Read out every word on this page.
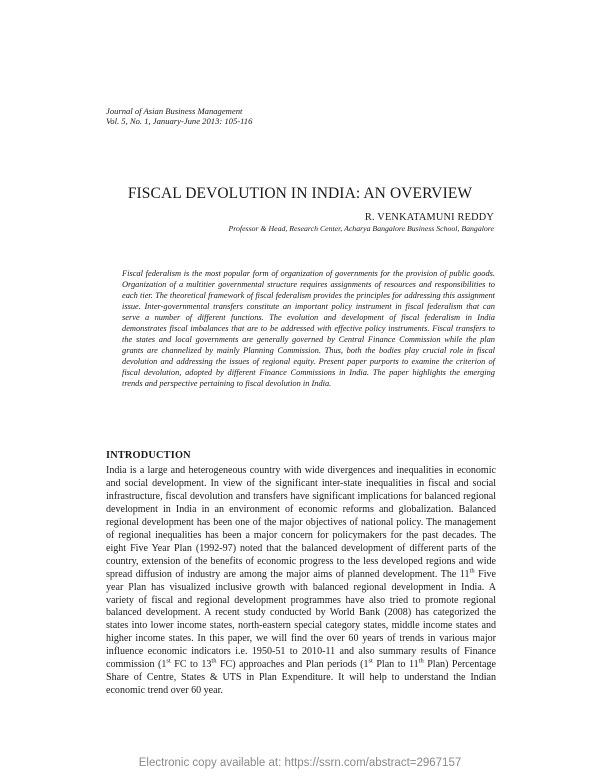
Journal of Asian Business Management
Vol. 5, No. 1, January-June 2013: 105-116
FISCAL DEVOLUTION IN INDIA: AN OVERVIEW
R. VENKATAMUNI REDDY
Professor & Head, Research Center, Acharya Bangalore Business School, Bangalore

Fiscal federalism is the most popular form of organization of governments for the provision of public goods. Organization of a multitier governmental structure requires assignments of resources and responsibilities to each tier. The theoretical framework of fiscal federalism provides the principles for addressing this assignment issue. Inter-governmental transfers constitute an important policy instrument in fiscal federalism that can serve a number of different functions. The evolution and development of fiscal federalism in India demonstrates fiscal imbalances that are to be addressed with effective policy instruments. Fiscal transfers to the states and local governments are generally governed by Central Finance Commission while the plan grants are channelized by mainly Planning Commission. Thus, both the bodies play crucial role in fiscal devolution and addressing the issues of regional equity. Present paper purports to examine the criterion of fiscal devolution, adopted by different Finance Commissions in India. The paper highlights the emerging trends and perspective pertaining to fiscal devolution in India.

INTRODUCTION

India is a large and heterogeneous country with wide divergences and inequalities in economic and social development. In view of the significant inter-state inequalities in fiscal and social infrastructure, fiscal devolution and transfers have significant implications for balanced regional development in India in an environment of economic reforms and globalization. Balanced regional development has been one of the major objectives of national policy. The management of regional inequalities has been a major concern for policymakers for the past decades. The eight Five Year Plan (1992-97) noted that the balanced development of different parts of the country, extension of the benefits of economic progress to the less developed regions and wide spread diffusion of industry are among the major aims of planned development. The 11th Five year Plan has visualized inclusive growth with balanced regional development in India. A variety of fiscal and regional development programmes have also tried to promote regional balanced development. A recent study conducted by World Bank (2008) has categorized the states into lower income states, north-eastern special category states, middle income states and higher income states. In this paper, we will find the over 60 years of trends in various major influence economic indicators i.e. 1950-51 to 2010-11 and also summary results of Finance commission (1st FC to 13th FC) approaches and Plan periods (1st Plan to 11th Plan) Percentage Share of Centre, States & UTS in Plan Expenditure. It will help to understand the Indian economic trend over 60 year.

Electronic copy available at: https://ssrn.com/abstract=2967157
